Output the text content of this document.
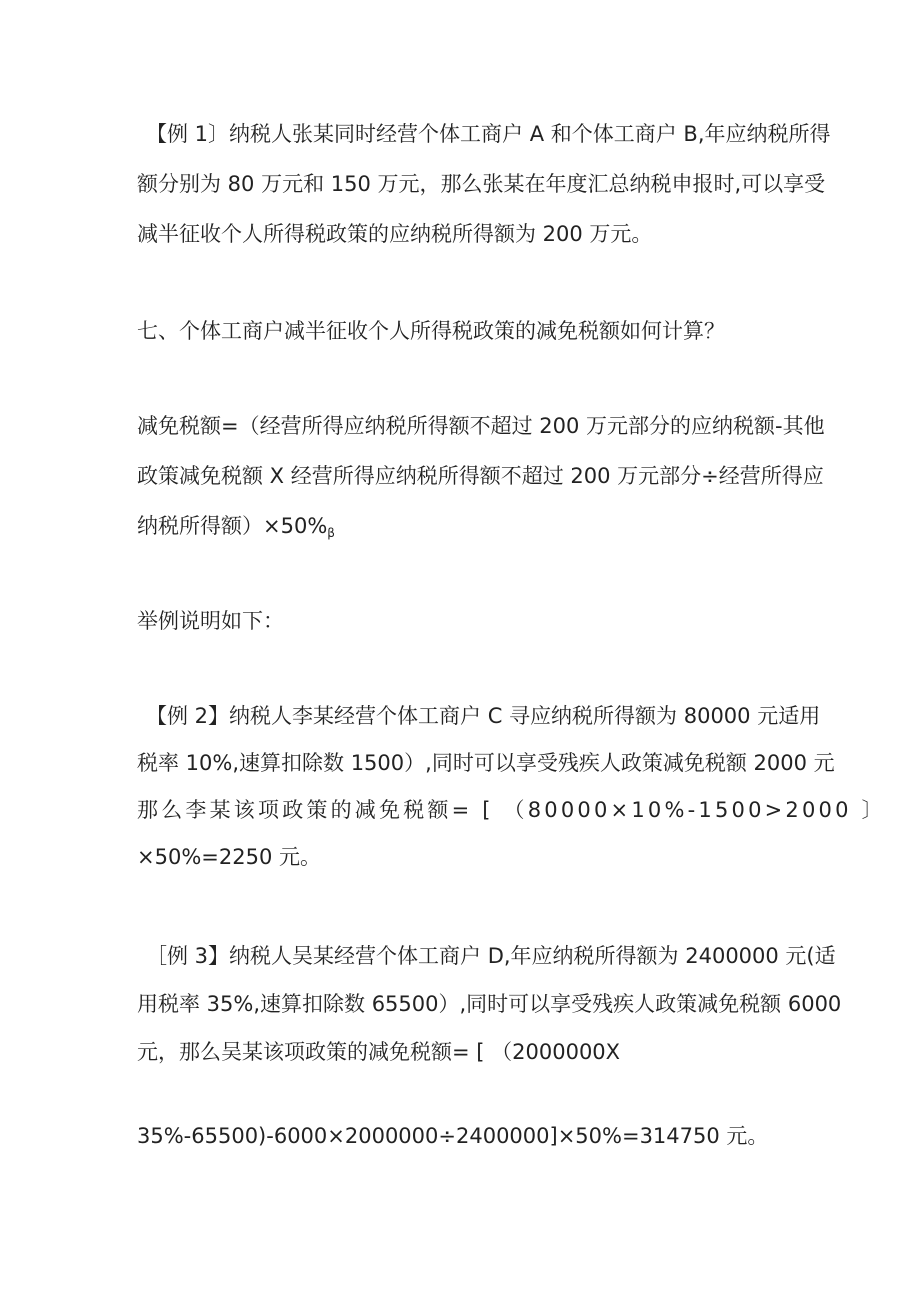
【例 1〕纳税人张某同时经营个体工商户 A 和个体工商户 B,年应纳税所得
额分别为 80 万元和 150 万元，那么张某在年度汇总纳税申报时,可以享受
减半征收个人所得税政策的应纳税所得额为 200 万元。
七、个体工商户减半征收个人所得税政策的减免税额如何计算？
减免税额=（经营所得应纳税所得额不超过 200 万元部分的应纳税额-其他
政策减免税额 X 经营所得应纳税所得额不超过 200 万元部分÷经营所得应
纳税所得额）$\times 50\%_\beta$
举例说明如下：
【例 2】纳税人李某经营个体工商户 C 寻应纳税所得额为 80000 元适用
税率 10%,速算扣除数 1500）,同时可以享受残疾人政策减免税额 2000 元
那么李某该项政策的减免税额= [ （80000×10%-1500>2000 〕
×50%=2250 元。
［例 3】纳税人吴某经营个体工商户 D,年应纳税所得额为 2400000 元(适
用税率 35%,速算扣除数 65500）,同时可以享受残疾人政策减免税额 6000
元，那么吴某该项政策的减免税额= [ （2000000X
35%-65500)-6000×2000000÷2400000]×50%=314750 元。
